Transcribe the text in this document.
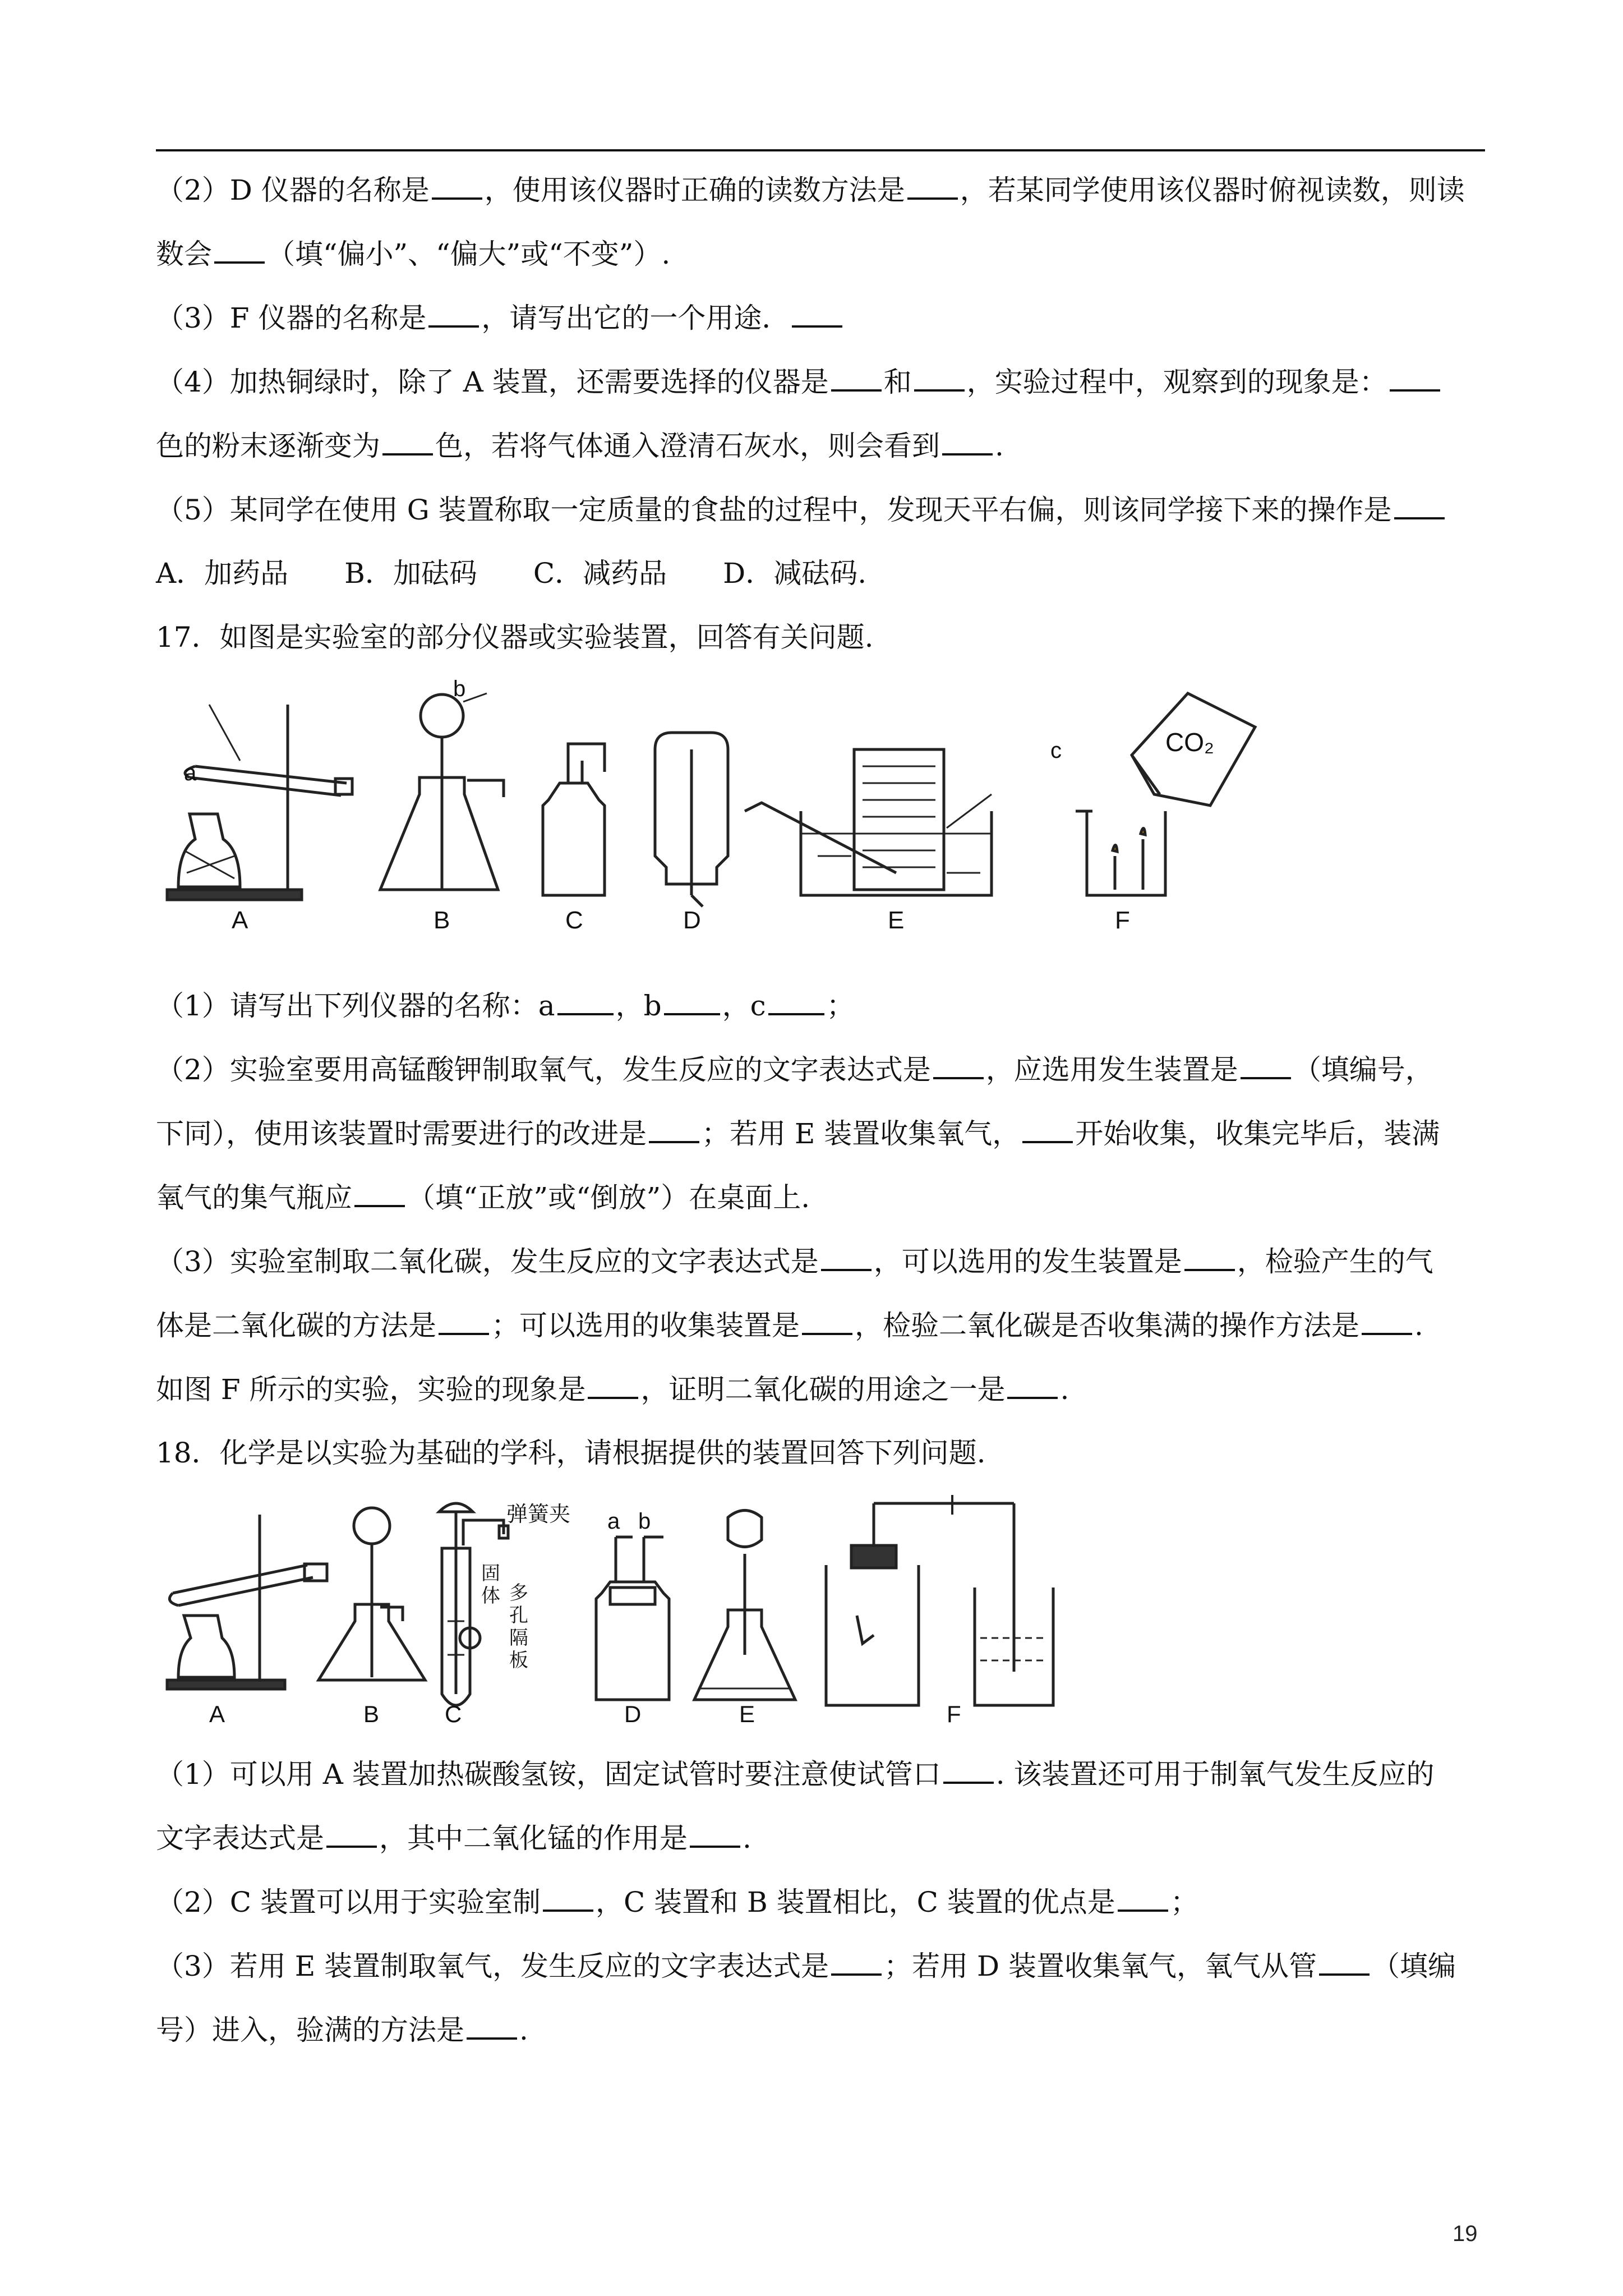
（2）D 仪器的名称是 ，使用该仪器时正确的读数方法是 ，若某同学使用该仪器时俯视读数，则读
数会 （填“偏小”、“偏大”或“不变”）.
（3）F 仪器的名称是 ，请写出它的一个用途．
（4）加热铜绿时，除了 A 装置，还需要选择的仪器是 和 ，实验过程中，观察到的现象是：
色的粉末逐渐变为 色，若将气体通入澄清石灰水，则会看到 .
（5）某同学在使用 G 装置称取一定质量的食盐的过程中，发现天平右偏，则该同学接下来的操作是
A．加药品　　B．加砝码　　C．减药品　　D．减砝码.
17．如图是实验室的部分仪器或实验装置，回答有关问题.
a
b
c	CO₂
A	B	C	D	E	F
（1）请写出下列仪器的名称：a ，b ，c ；
（2）实验室要用高锰酸钾制取氧气，发生反应的文字表达式是 ，应选用发生装置是 （填编号，
下同），使用该装置时需要进行的改进是 ；若用 E 装置收集氧气， 开始收集，收集完毕后，装满
氧气的集气瓶应 （填“正放”或“倒放”）在桌面上.
（3）实验室制取二氧化碳，发生反应的文字表达式是 ，可以选用的发生装置是 ，检验产生的气
体是二氧化碳的方法是 ；可以选用的收集装置是 ，检验二氧化碳是否收集满的操作方法是 .
如图 F 所示的实验，实验的现象是 ，证明二氧化碳的用途之一是 .
18．化学是以实验为基础的学科，请根据提供的装置回答下列问题.
弹簧夹
固体 多孔隔板
a b
A	B	C	D	E	F
（1）可以用 A 装置加热碳酸氢铵，固定试管时要注意使试管口 . 该装置还可用于制氧气发生反应的
文字表达式是 ，其中二氧化锰的作用是 .
（2）C 装置可以用于实验室制 ，C 装置和 B 装置相比，C 装置的优点是 ；
（3）若用 E 装置制取氧气，发生反应的文字表达式是 ；若用 D 装置收集氧气，氧气从管 （填编
号）进入，验满的方法是 .
19
